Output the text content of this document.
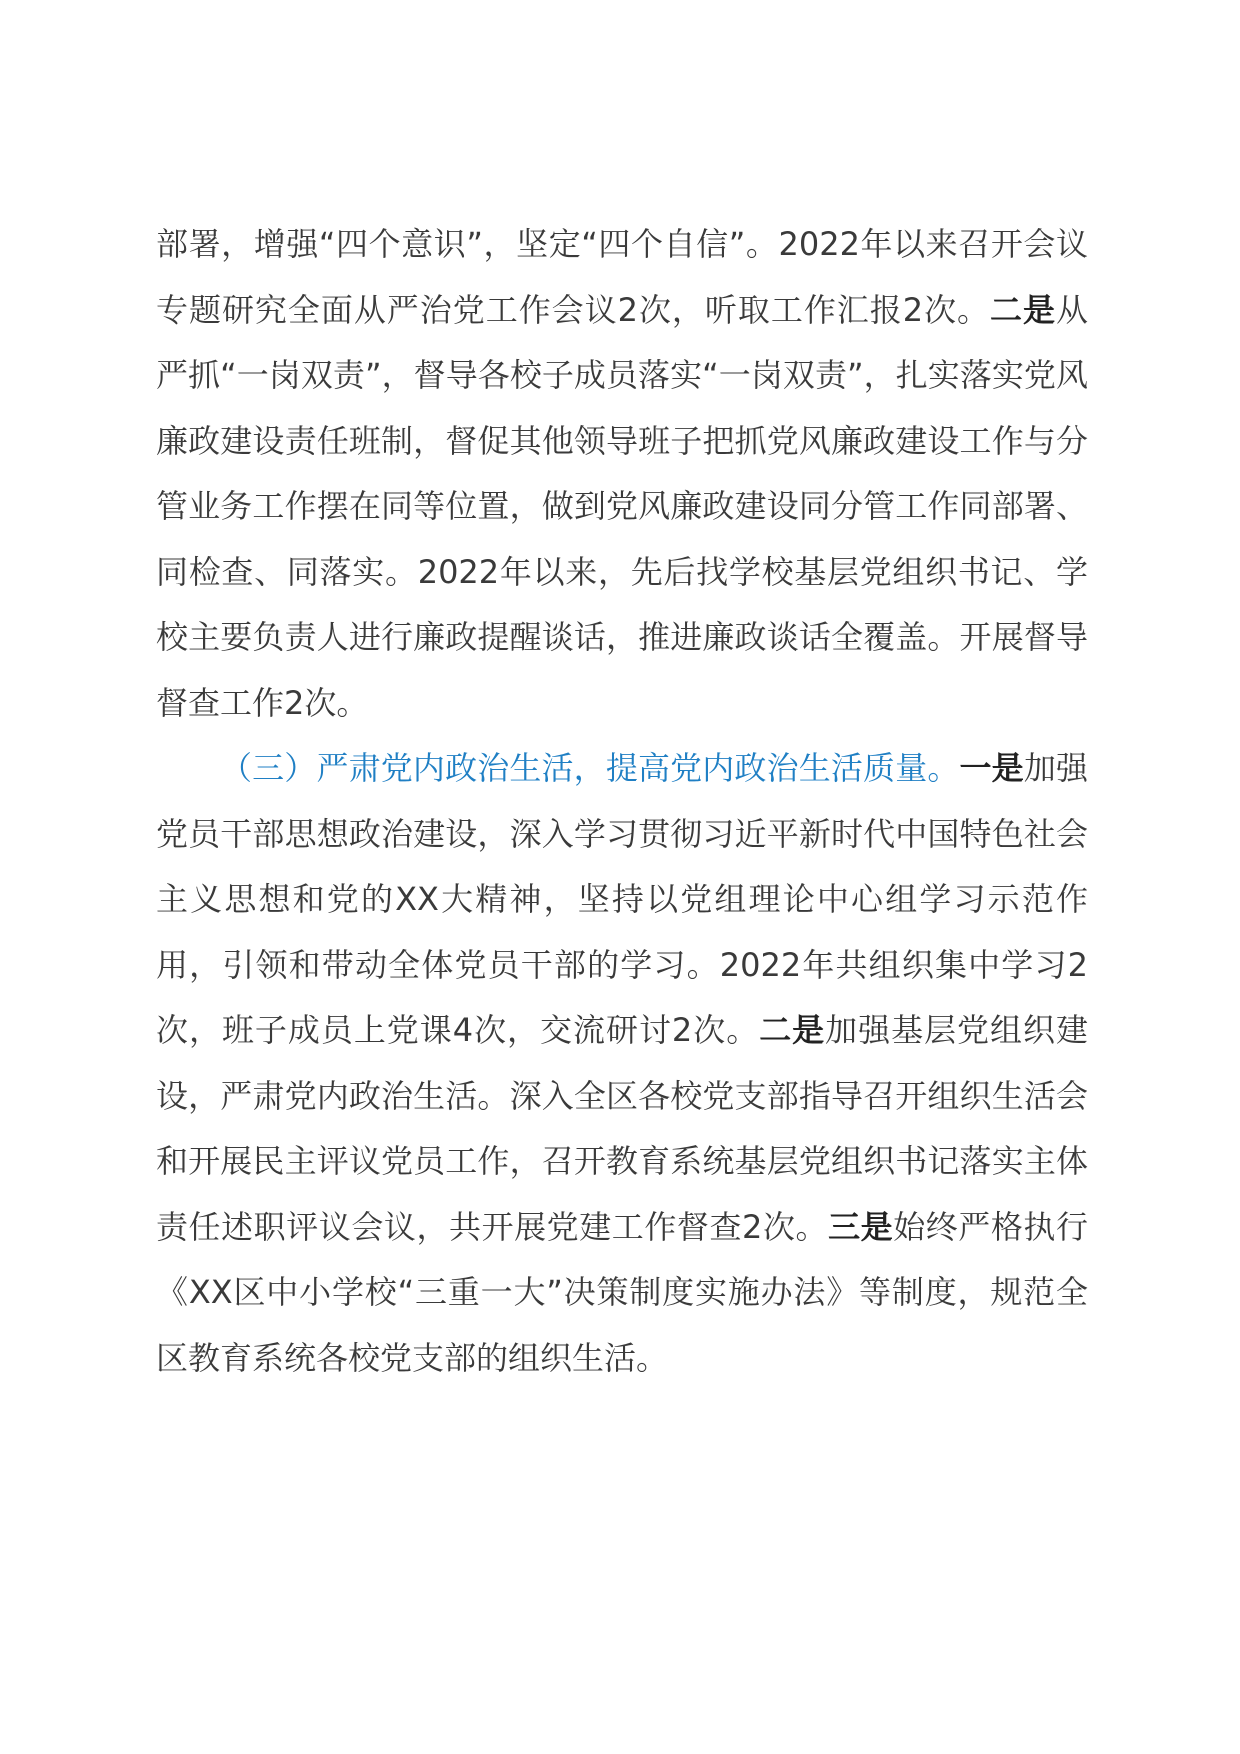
部署，增强“四个意识”，坚定“四个自信”。2022年以来召开会议专题研究全面从严治党工作会议2次，听取工作汇报2次。二是从严抓“一岗双责”，督导各校子成员落实“一岗双责”，扎实落实党风廉政建设责任班制，督促其他领导班子把抓党风廉政建设工作与分管业务工作摆在同等位置，做到党风廉政建设同分管工作同部署、同检查、同落实。2022年以来，先后找学校基层党组织书记、学校主要负责人进行廉政提醒谈话，推进廉政谈话全覆盖。开展督导督查工作2次。

（三）严肃党内政治生活，提高党内政治生活质量。一是加强党员干部思想政治建设，深入学习贯彻习近平新时代中国特色社会主义思想和党的XX大精神，坚持以党组理论中心组学习示范作用，引领和带动全体党员干部的学习。2022年共组织集中学习2次，班子成员上党课4次，交流研讨2次。二是加强基层党组织建设，严肃党内政治生活。深入全区各校党支部指导召开组织生活会和开展民主评议党员工作，召开教育系统基层党组织书记落实主体责任述职评议会议，共开展党建工作督查2次。三是始终严格执行《XX区中小学校“三重一大”决策制度实施办法》等制度，规范全区教育系统各校党支部的组织生活。
